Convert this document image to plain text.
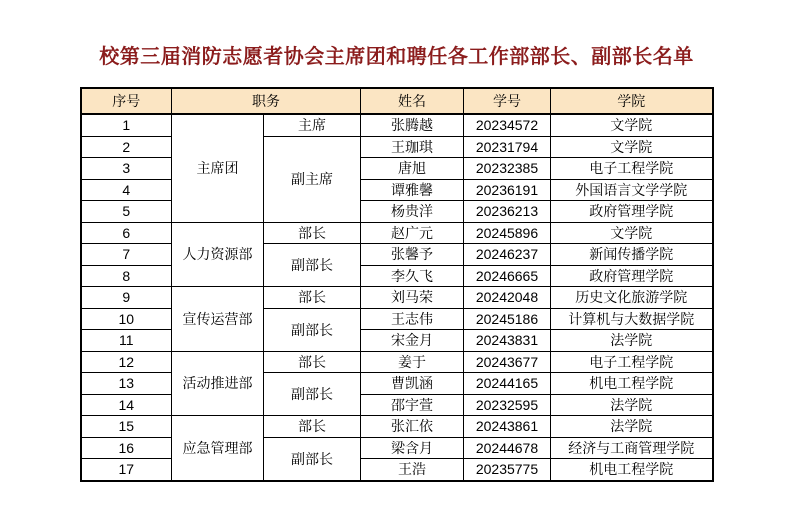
校第三届消防志愿者协会主席团和聘任各工作部部长、副部长名单
序号	职务		姓名	学号	学院
1	主席团	主席	张腾越	20234572	文学院
2		副主席	王珈琪	20231794	文学院
3			唐旭	20232385	电子工程学院
4			谭雅馨	20236191	外国语言文学学院
5			杨贵洋	20236213	政府管理学院
6	人力资源部	部长	赵广元	20245896	文学院
7		副部长	张馨予	20246237	新闻传播学院
8			李久飞	20246665	政府管理学院
9	宣传运营部	部长	刘马荣	20242048	历史文化旅游学院
10		副部长	王志伟	20245186	计算机与大数据学院
11			宋金月	20243831	法学院
12	活动推进部	部长	姜于	20243677	电子工程学院
13		副部长	曹凯涵	20244165	机电工程学院
14			邵宇萱	20232595	法学院
15	应急管理部	部长	张汇依	20243861	法学院
16		副部长	梁含月	20244678	经济与工商管理学院
17			王浩	20235775	机电工程学院
